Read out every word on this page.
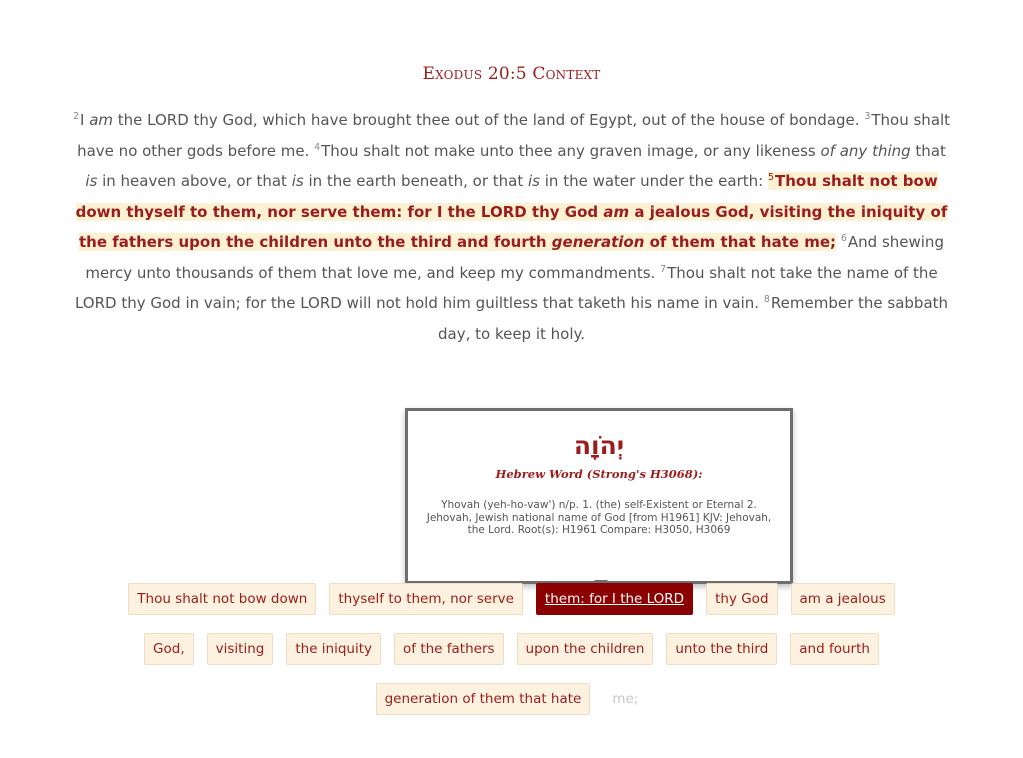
Exodus 20:5 Context
$^2$I am the LORD thy God, which have brought thee out of the land of Egypt, out of the house of bondage. $^3$Thou shalt have no other gods before me. $^4$Thou shalt not make unto thee any graven image, or any likeness of any thing that is in heaven above, or that is in the earth beneath, or that is in the water under the earth: $^5$Thou shalt not bow down thyself to them, nor serve them: for I the LORD thy God am a jealous God, visiting the iniquity of the fathers upon the children unto the third and fourth generation of them that hate me; $^6$And shewing mercy unto thousands of them that love me, and keep my commandments. $^7$Thou shalt not take the name of the LORD thy God in vain; for the LORD will not hold him guiltless that taketh his name in vain. $^8$Remember the sabbath day, to keep it holy.
יְהֹוָה
Hebrew Word (Strong's H3068):
Yhovah (yeh-ho-vaw') n/p. 1. (the) self-Existent or Eternal 2. Jehovah, Jewish national name of God [from H1961] KJV: Jehovah, the Lord. Root(s): H1961 Compare: H3050, H3069
Thou shalt not bow down	thyself to them, nor serve	them: for I the LORD	thy God	am a jealous
God,	visiting	the iniquity	of the fathers	upon the children	unto the third	and fourth
generation of them that hate	me;
